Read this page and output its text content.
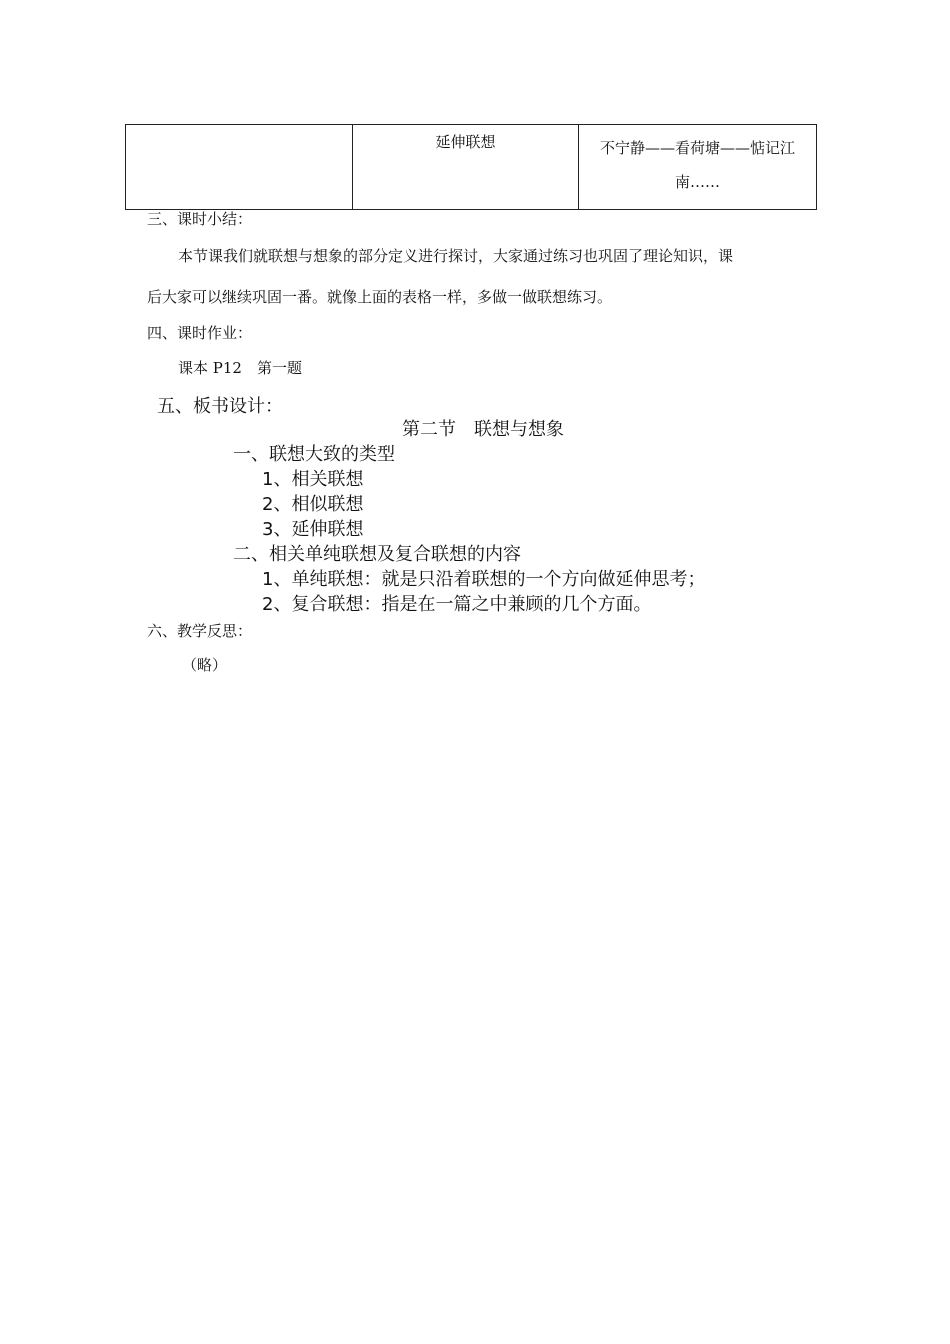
	延伸联想	不宁静——看荷塘——惦记江
南……
三、课时小结：
本节课我们就联想与想象的部分定义进行探讨，大家通过练习也巩固了理论知识，课
后大家可以继续巩固一番。就像上面的表格一样，多做一做联想练习。
四、课时作业：
课本 P12　第一题
五、板书设计：
第二节　联想与想象
一、联想大致的类型
1、相关联想
2、相似联想
3、延伸联想
二、相关单纯联想及复合联想的内容
1、单纯联想：就是只沿着联想的一个方向做延伸思考；
2、复合联想：指是在一篇之中兼顾的几个方面。
六、教学反思：
（略）
